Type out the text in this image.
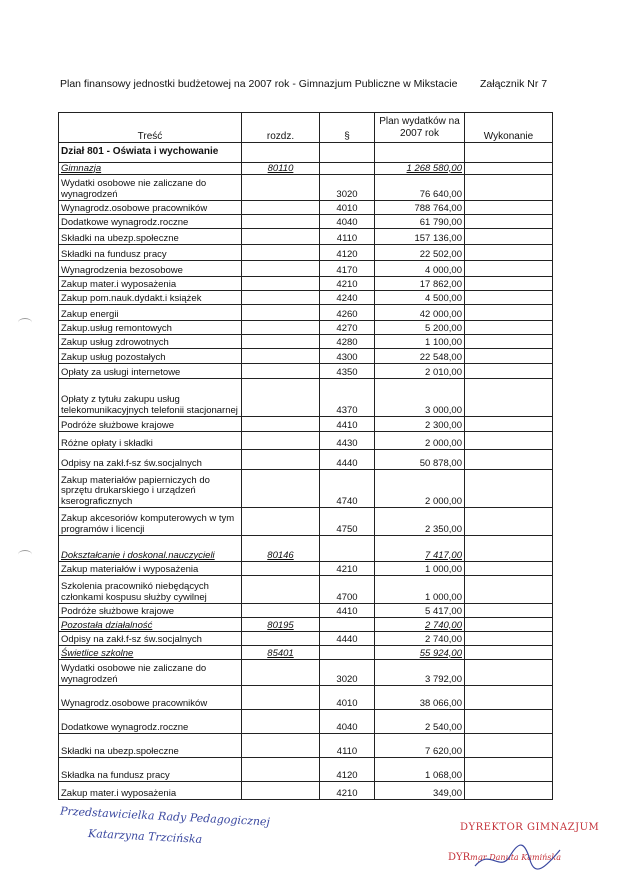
Plan finansowy jednostki budżetowej na 2007 rok - Gimnazjum Publiczne w Mikstacie Załącznik Nr 7
Treść	rozdz.	§	Plan wydatków na 2007 rok	Wykonanie
Dział 801 - Oświata i wychowanie				
Gimnazja	80110		1 268 580,00	
Wydatki osobowe nie zaliczane do wynagrodzeń		3020	76 640,00	
Wynagrodz.osobowe pracowników		4010	788 764,00	
Dodatkowe wynagrodz.roczne		4040	61 790,00	
Składki na ubezp.społeczne		4110	157 136,00	
Składki na fundusz pracy		4120	22 502,00	
Wynagrodzenia bezosobowe		4170	4 000,00	
Zakup mater.i wyposażenia		4210	17 862,00	
Zakup pom.nauk.dydakt.i książek		4240	4 500,00	
Zakup energii		4260	42 000,00	
Zakup.usług remontowych		4270	5 200,00	
Zakup usług zdrowotnych		4280	1 100,00	
Zakup usług pozostałych		4300	22 548,00	
Opłaty za usługi internetowe		4350	2 010,00	
Opłaty z tytułu zakupu usług telekomunikacyjnych telefonii stacjonarnej		4370	3 000,00	
Podróże służbowe krajowe		4410	2 300,00	
Różne opłaty i składki		4430	2 000,00	
Odpisy na zakł.f-sz św.socjalnych		4440	50 878,00	
Zakup materiałów papierniczych do sprzętu drukarskiego i urządzeń kserograficznych		4740	2 000,00	
Zakup akcesoriów komputerowych w tym programów i licencji		4750	2 350,00	
Dokształcanie i doskonal.nauczycieli	80146		7 417,00	
Zakup materiałów i wyposażenia		4210	1 000,00	
Szkolenia pracownikó niebędących członkami kospusu służby cywilnej		4700	1 000,00	
Podróże służbowe krajowe		4410	5 417,00	
Pozostała działalność	80195		2 740,00	
Odpisy na zakł.f-sz św.socjalnych		4440	2 740,00	
Świetlice szkolne	85401		55 924,00	
Wydatki osobowe nie zaliczane do wynagrodzeń		3020	3 792,00	
Wynagrodz.osobowe pracowników		4010	38 066,00	
Dodatkowe wynagrodz.roczne		4040	2 540,00	
Składki na ubezp.społeczne		4110	7 620,00	
Składka na fundusz pracy		4120	1 068,00	
Zakup mater.i wyposażenia		4210	349,00	
Przedstawicielka Rady Pedagogicznej
Katarzyna Trzcińska	DYREKTOR GIMNAZJUM
DYRmgr Danuta Kamińska
